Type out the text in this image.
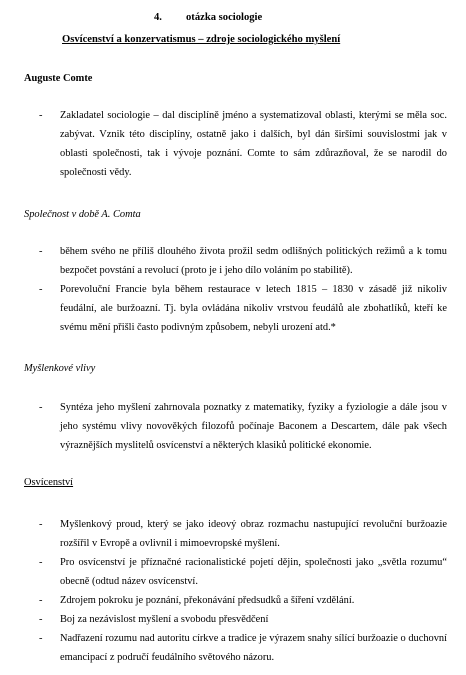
4. otázka sociologie
Osvícenství a konzervatismus – zdroje sociologického myšlení
Auguste Comte
- Zakladatel sociologie – dal disciplíně jméno a systematizoval oblasti, kterými se měla soc. zabývat. Vznik této disciplíny, ostatně jako i dalších, byl dán širšími souvislostmi jak v oblasti společnosti, tak i vývoje poznání. Comte to sám zdůrazňoval, že se narodil do společnosti vědy.
Společnost v době A. Comta
- během svého ne příliš dlouhého života prožil sedm odlišných politických režimů a k tomu bezpočet povstání a revolucí (proto je i jeho dílo voláním po stabilitě).
- Porevoluční Francie byla během restaurace v letech 1815 – 1830 v zásadě již nikoliv feudální, ale buržoazní. Tj. byla ovládána nikoliv vrstvou feudálů ale zbohatlíků, kteří ke svému mění přišli často podivným způsobem, nebyli urození atd.*
Myšlenkové vlivy
- Syntéza jeho myšlení zahrnovala poznatky z matematiky, fyziky a fyziologie a dále jsou v jeho systému vlivy novověkých filozofů počínaje Baconem a Descartem, dále pak všech výraznějších myslitelů osvícenství a některých klasiků politické ekonomie.
Osvícenství
- Myšlenkový proud, který se jako ideový obraz rozmachu nastupující revoluční buržoazie rozšířil v Evropě a ovlivnil i mimoevropské myšlení.
- Pro osvícenství je příznačné racionalistické pojetí dějin, společnosti jako „světla rozumu“ obecně (odtud název osvícenství.
- Zdrojem pokroku je poznání, překonávání předsudků a šíření vzdělání.
- Boj za nezávislost myšlení a svobodu přesvědčení
- Nadřazení rozumu nad autoritu církve a tradice je výrazem snahy sílící buržoazie o duchovní emancipací z područí feudálního světového názoru.
